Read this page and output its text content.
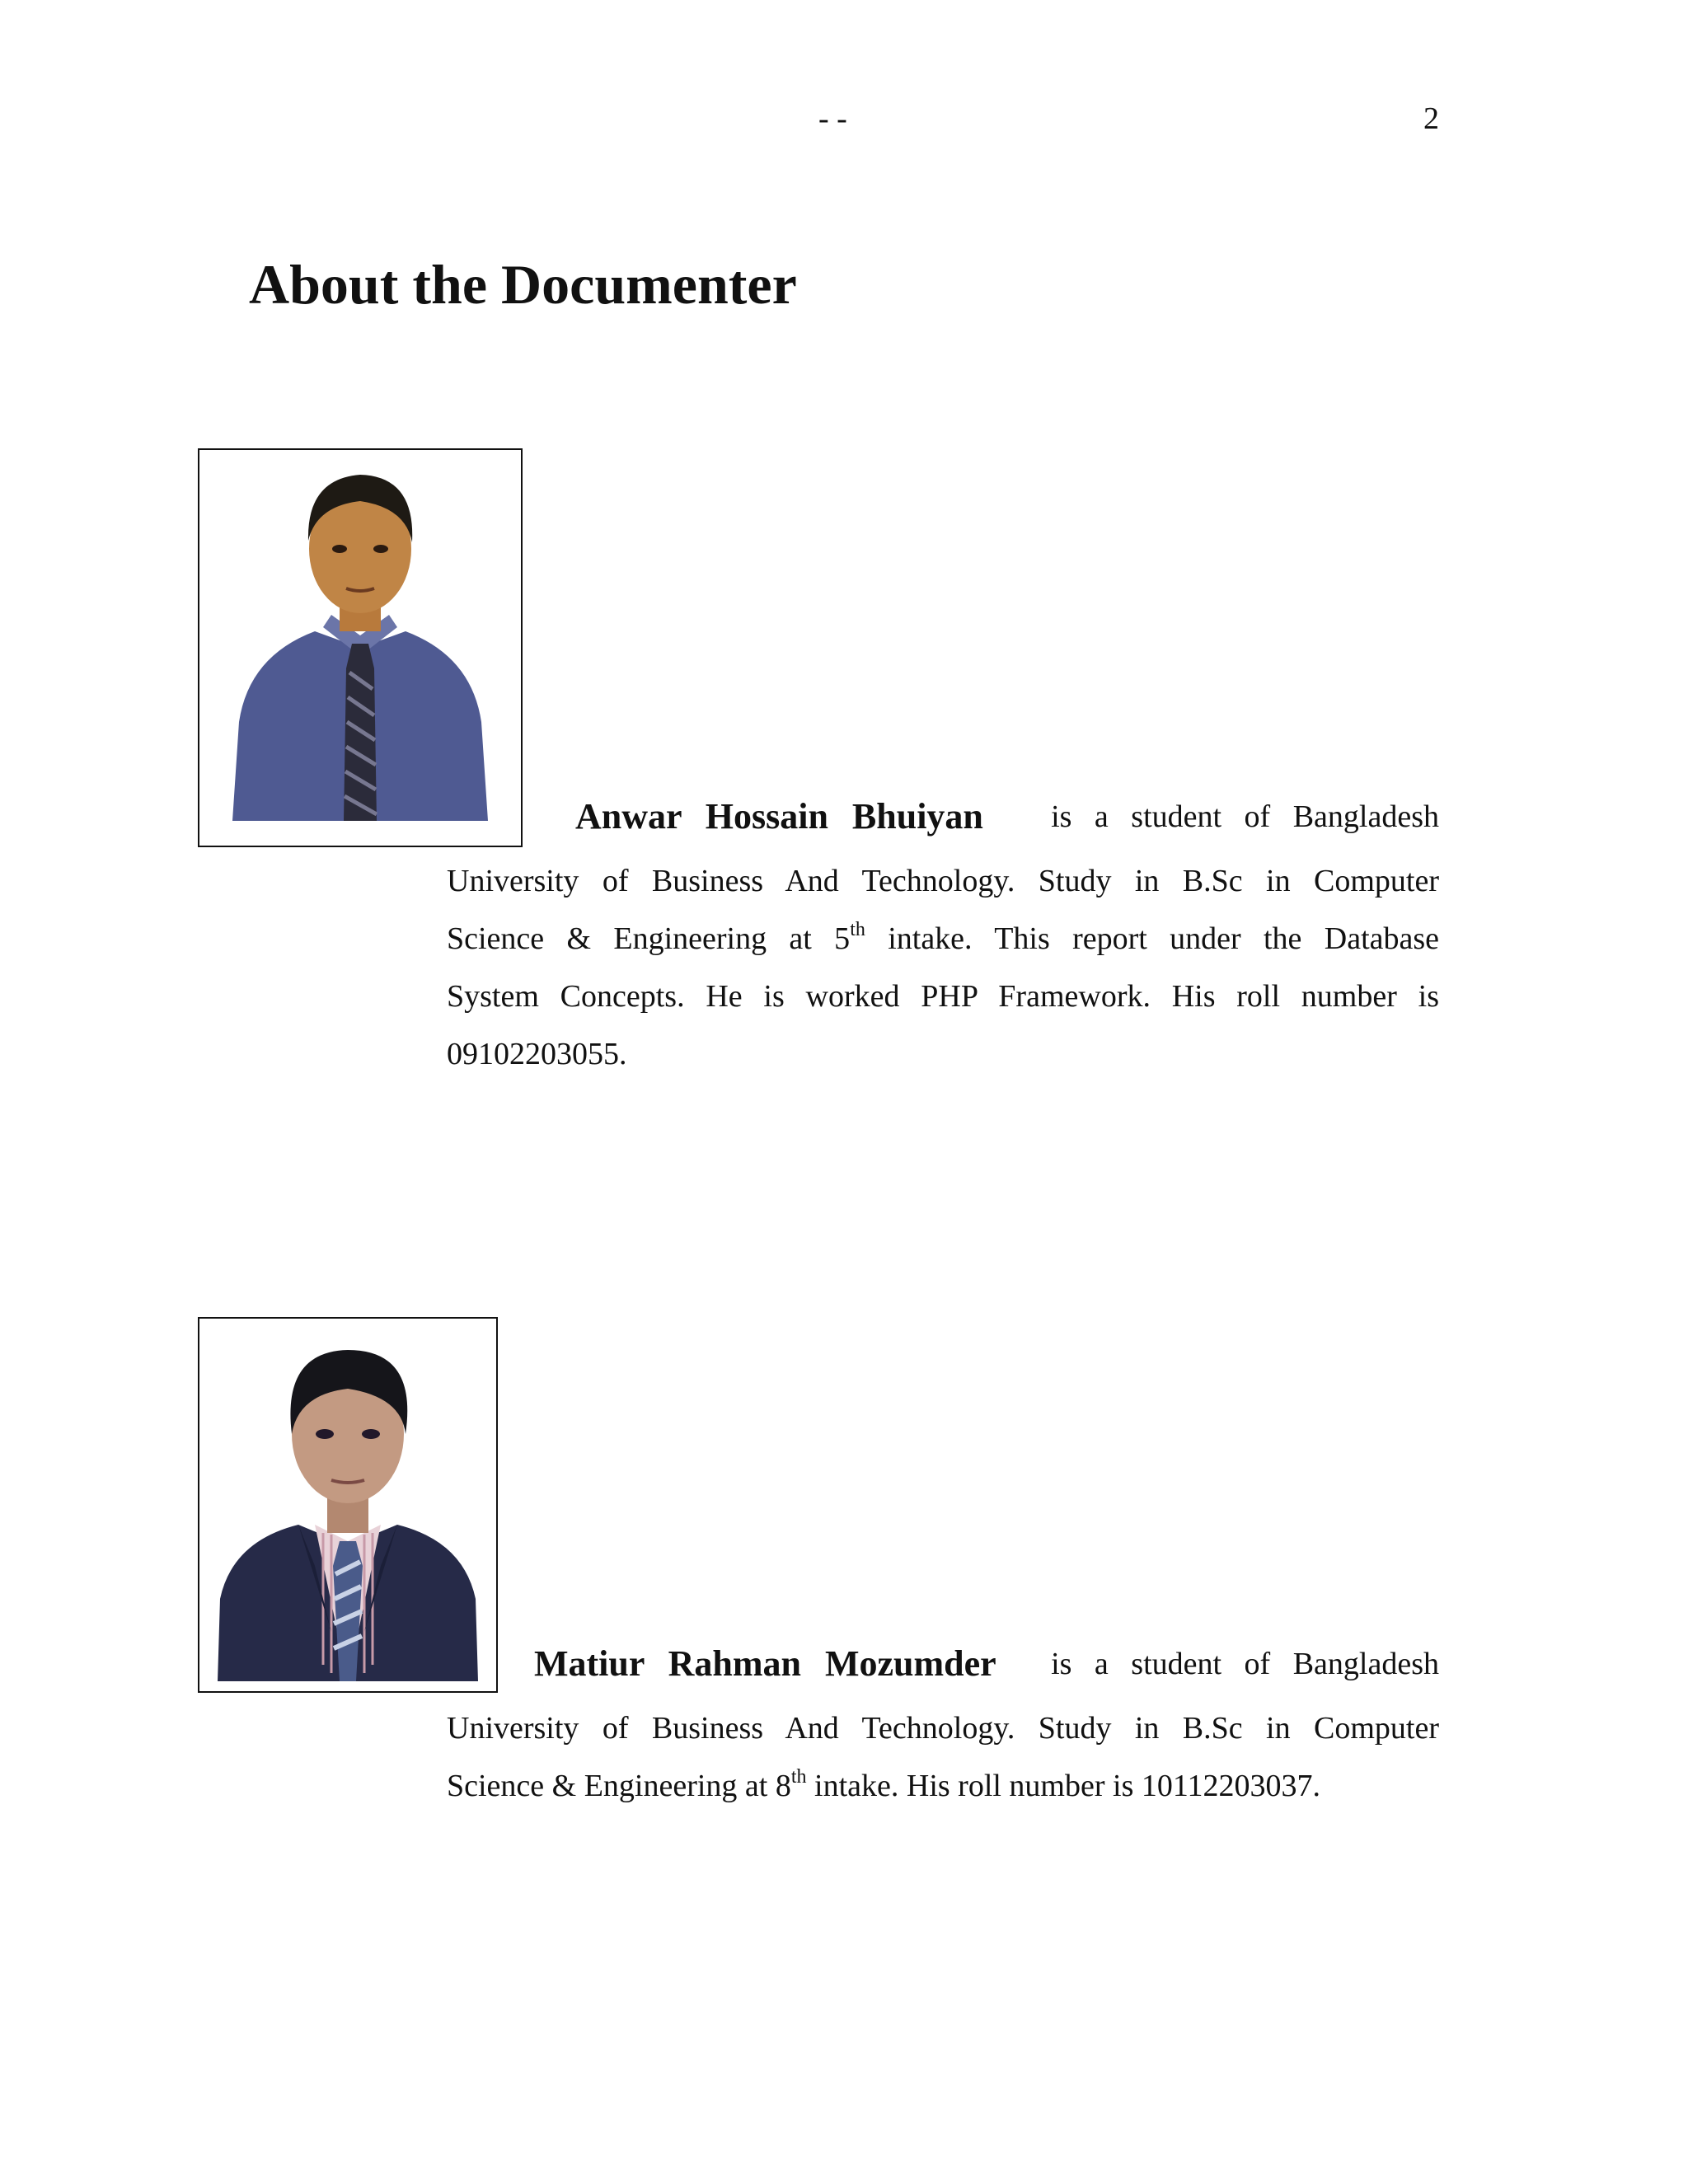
- -	2
About the Documenter
Anwar Hossain Bhuiyan is a student of Bangladesh
University of Business And Technology. Study in B.Sc in Computer
Science & Engineering at 5th intake. This report under the Database
System Concepts. He is worked PHP Framework. His roll number is
09102203055.
Matiur Rahman Mozumder is a student of Bangladesh
University of Business And Technology. Study in B.Sc in Computer
Science & Engineering at 8th intake. His roll number is 10112203037.
